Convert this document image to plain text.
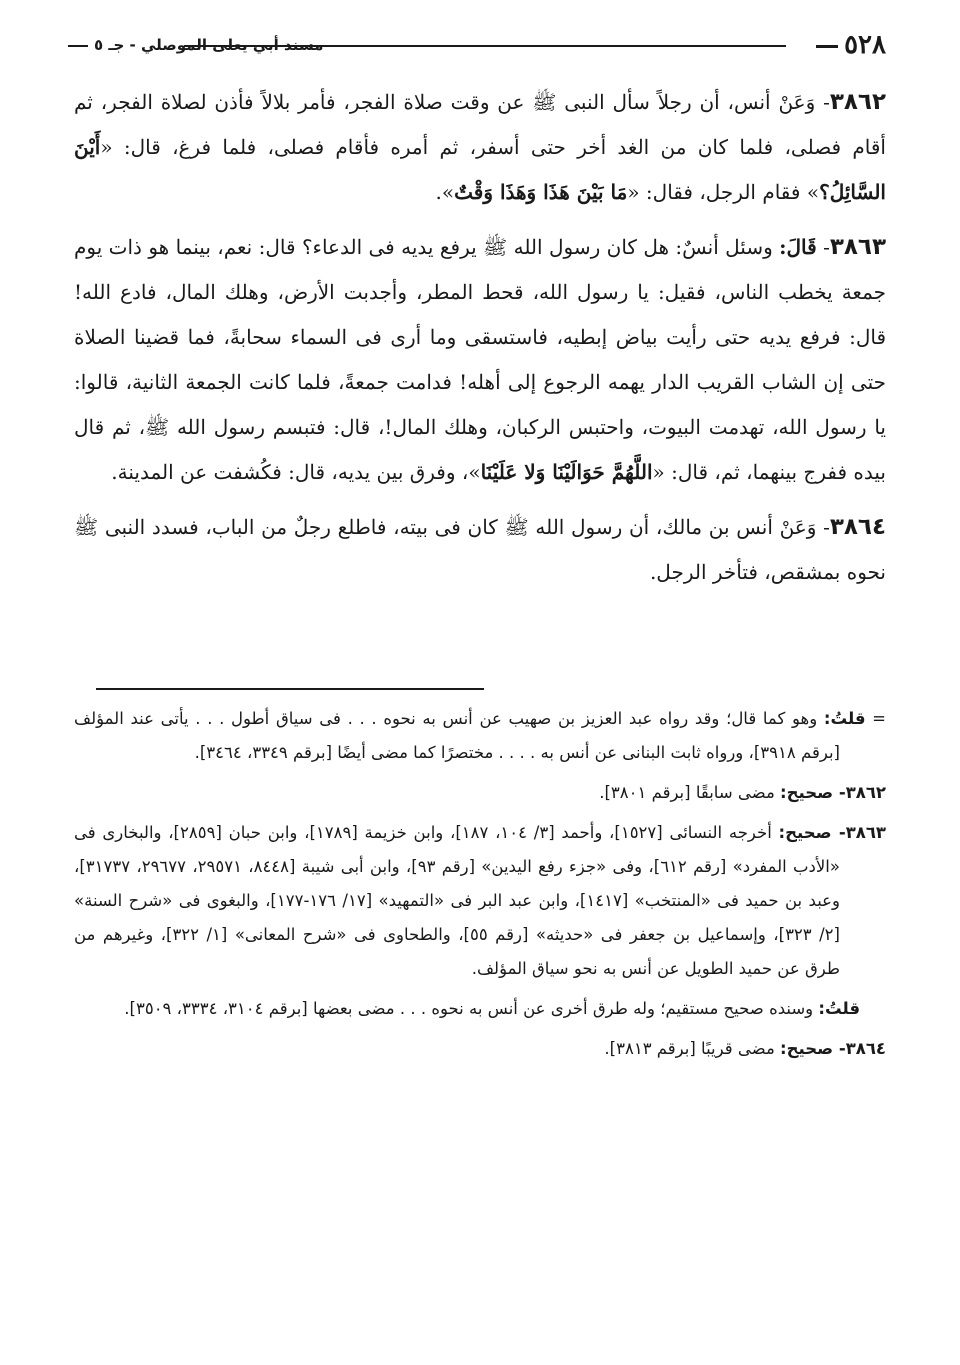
٥٢٨
مسند أبي يعلى الموصلي - جـ ٥

٣٨٦٢- وَعَنْ أنس، أن رجلاً سأل النبى ﷺ عن وقت صلاة الفجر، فأمر بلالاً فأذن لصلاة الفجر، ثم أقام فصلى، فلما كان من الغد أخر حتى أسفر، ثم أمره فأقام فصلى، فلما فرغ، قال: «أَيْنَ السَّائِلُ؟» فقام الرجل، فقال: «مَا بَيْنَ هَذَا وَهَذَا وَقْتٌ».

٣٨٦٣- قَالَ: وسئل أنسٌ: هل كان رسول الله ﷺ يرفع يديه فى الدعاء؟ قال: نعم، بينما هو ذات يوم جمعة يخطب الناس، فقيل: يا رسول الله، قحط المطر، وأجدبت الأرض، وهلك المال، فادع الله! قال: فرفع يديه حتى رأيت بياض إبطيه، فاستسقى وما أرى فى السماء سحابةً، فما قضينا الصلاة حتى إن الشاب القريب الدار يهمه الرجوع إلى أهله! فدامت جمعةً، فلما كانت الجمعة الثانية، قالوا: يا رسول الله، تهدمت البيوت، واحتبس الركبان، وهلك المال!، قال: فتبسم رسول الله ﷺ، ثم قال بيده ففرج بينهما، ثم، قال: «اللَّهُمَّ حَوَالَيْنَا وَلا عَلَيْنَا»، وفرق بين يديه، قال: فكُشفت عن المدينة.

٣٨٦٤- وَعَنْ أنس بن مالك، أن رسول الله ﷺ كان فى بيته، فاطلع رجلٌ من الباب، فسدد النبى ﷺ نحوه بمشقص، فتأخر الرجل.

= قلتُ: وهو كما قال؛ وقد رواه عبد العزيز بن صهيب عن أنس به نحوه . . . فى سياق أطول . . . يأتى عند المؤلف [برقم ٣٩١٨]، ورواه ثابت البنانى عن أنس به . . . . مختصرًا كما مضى أيضًا [برقم ٣٣٤٩، ٣٤٦٤].

٣٨٦٢- صحيح: مضى سابقًا [برقم ٣٨٠١].

٣٨٦٣- صحيح: أخرجه النسائى [١٥٢٧]، وأحمد [٣/ ١٠٤، ١٨٧]، وابن خزيمة [١٧٨٩]، وابن حبان [٢٨٥٩]، والبخارى فى «الأدب المفرد» [رقم ٦١٢]، وفى «جزء رفع اليدين» [رقم ٩٣]، وابن أبى شيبة [٨٤٤٨، ٢٩٥٧١، ٢٩٦٧٧، ٣١٧٣٧]، وعبد بن حميد فى «المنتخب» [١٤١٧]، وابن عبد البر فى «التمهيد» [١٧/ ١٧٦-١٧٧]، والبغوى فى «شرح السنة» [٢/ ٣٢٣]، وإسماعيل بن جعفر فى «حديثه» [رقم ٥٥]، والطحاوى فى «شرح المعانى» [١/ ٣٢٢]، وغيرهم من طرق عن حميد الطويل عن أنس به نحو سياق المؤلف.

قلتُ: وسنده صحيح مستقيم؛ وله طرق أخرى عن أنس به نحوه . . . مضى بعضها [برقم ٣١٠٤، ٣٣٣٤، ٣٥٠٩].

٣٨٦٤- صحيح: مضى قريبًا [برقم ٣٨١٣].
